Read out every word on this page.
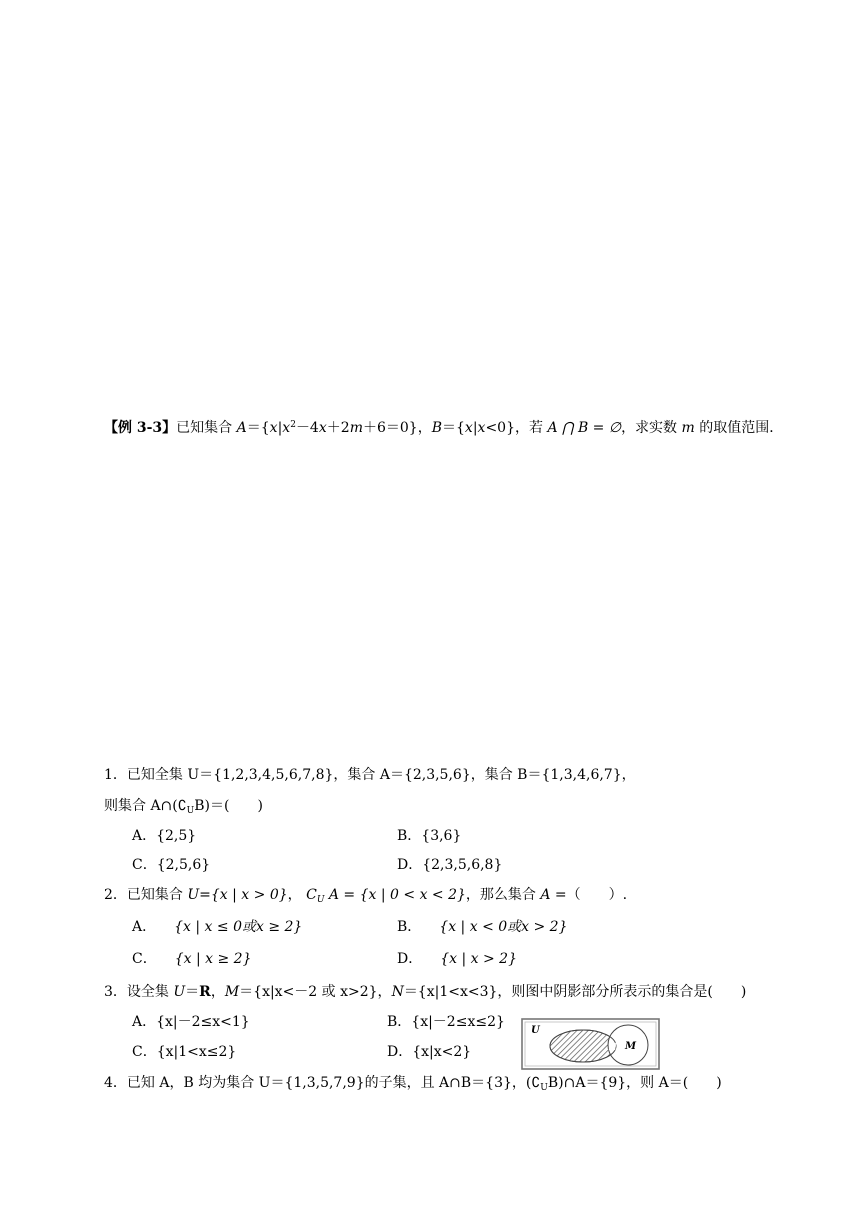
【例 3-3】已知集合 $A=\{x|x^2-4x+2m+6=0\}$，B＝{x|x<0}，若 A ⋂ B = ∅，求实数 m 的取值范围．
1．已知全集 U＝{1,2,3,4,5,6,7,8}，集合 A＝{2,3,5,6}，集合 B＝{1,3,4,6,7}，
则集合 $A\cap(∁_UB)=$(　　)
A．{2,5}	B．{3,6}
C．{2,5,6}	D．{2,3,5,6,8}
2．已知集合 U={x | x > 0}， $C_U$ A = {x | 0 < x < 2}，那么集合 A =（　　）.
A． {x | x ≤ 0或x ≥ 2}	B． {x | x < 0或x > 2}
C． {x | x ≥ 2}	D． {x | x > 2}
3．设全集 U＝R，M＝{x|x<－2 或 x>2}，N＝{x|1<x<3}，则图中阴影部分所表示的集合是(　　)
A．{x|－2≤x<1}	B．{x|－2≤x≤2}
C．{x|1<x≤2}	D．{x|x<2}
U
N M
4．已知 A，B 均为集合 U＝{1,3,5,7,9}的子集，且 A∩B＝{3}，$(∁_UB)\cap A=\{9\}$，则 A＝(　　)
